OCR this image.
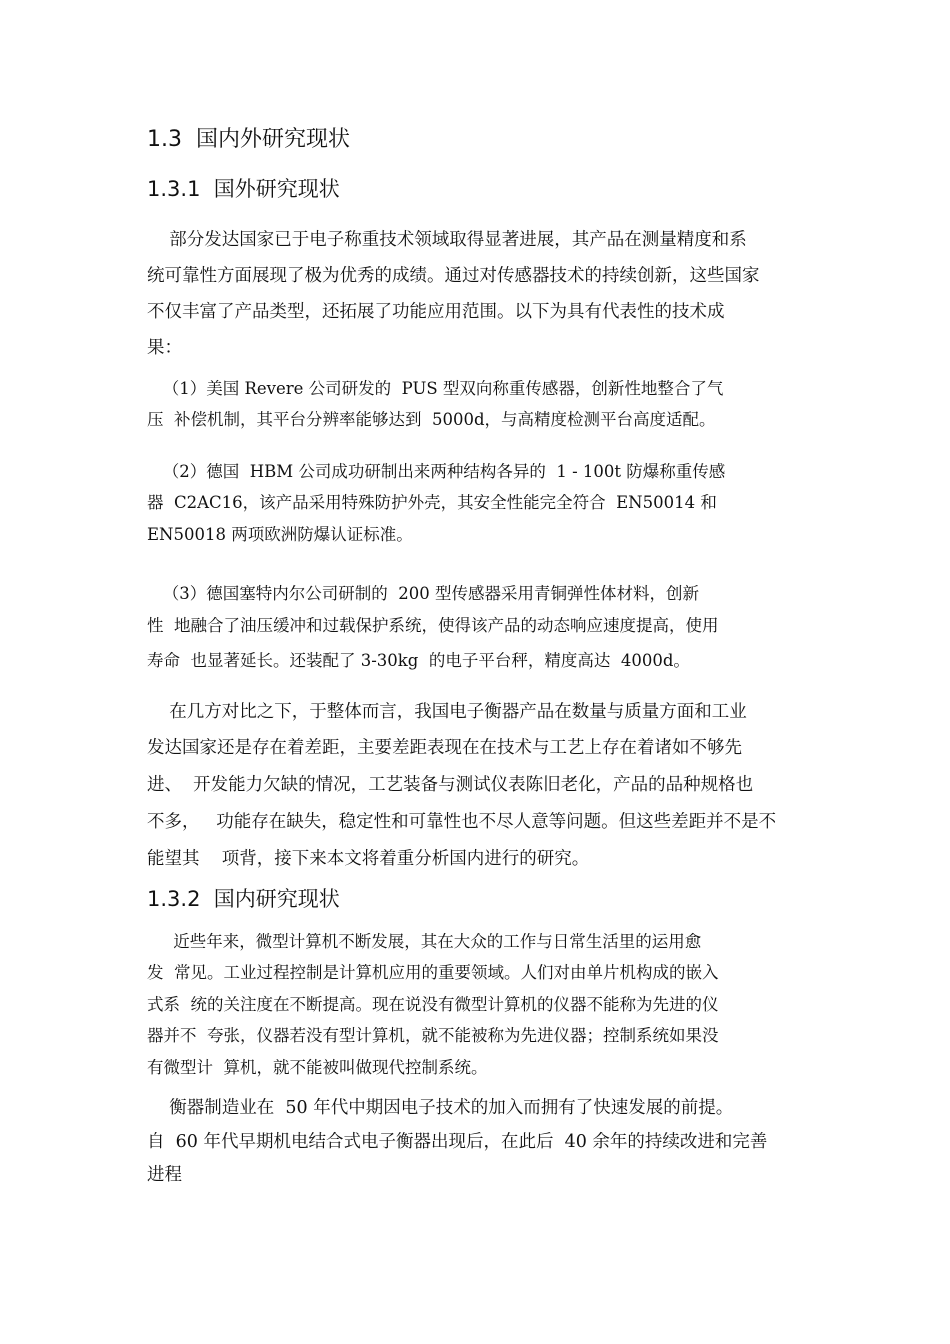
1.3  国内外研究现状
1.3.1  国外研究现状
部分发达国家已于电子称重技术领域取得显著进展，其产品在测量精度和系
统可靠性方面展现了极为优秀的成绩。通过对传感器技术的持续创新，这些国家
不仅丰富了产品类型，还拓展了功能应用范围。以下为具有代表性的技术成
果：
（1）美国 Revere 公司研发的  PUS 型双向称重传感器，创新性地整合了气
压  补偿机制，其平台分辨率能够达到  5000d，与高精度检测平台高度适配。
（2）德国  HBM 公司成功研制出来两种结构各异的  1 - 100t 防爆称重传感
器  C2AC16，该产品采用特殊防护外壳，其安全性能完全符合  EN50014 和
EN50018 两项欧洲防爆认证标准。
（3）德国塞特内尔公司研制的  200 型传感器采用青铜弹性体材料，创新
性  地融合了油压缓冲和过载保护系统，使得该产品的动态响应速度提高，使用
寿命  也显著延长。还装配了 3-30kg  的电子平台秤，精度高达  4000d。
在几方对比之下，于整体而言，我国电子衡器产品在数量与质量方面和工业
发达国家还是存在着差距，主要差距表现在在技术与工艺上存在着诸如不够先
进、  开发能力欠缺的情况，工艺装备与测试仪表陈旧老化，产品的品种规格也
不多，   功能存在缺失，稳定性和可靠性也不尽人意等问题。但这些差距并不是不
能望其    项背，接下来本文将着重分析国内进行的研究。
1.3.2  国内研究现状
近些年来，微型计算机不断发展，其在大众的工作与日常生活里的运用愈
发  常见。工业过程控制是计算机应用的重要领域。人们对由单片机构成的嵌入
式系  统的关注度在不断提高。现在说没有微型计算机的仪器不能称为先进的仪
器并不  夸张，仪器若没有型计算机，就不能被称为先进仪器；控制系统如果没
有微型计  算机，就不能被叫做现代控制系统。
衡器制造业在  50 年代中期因电子技术的加入而拥有了快速发展的前提。
自  60 年代早期机电结合式电子衡器出现后，在此后  40 余年的持续改进和完善
进程
